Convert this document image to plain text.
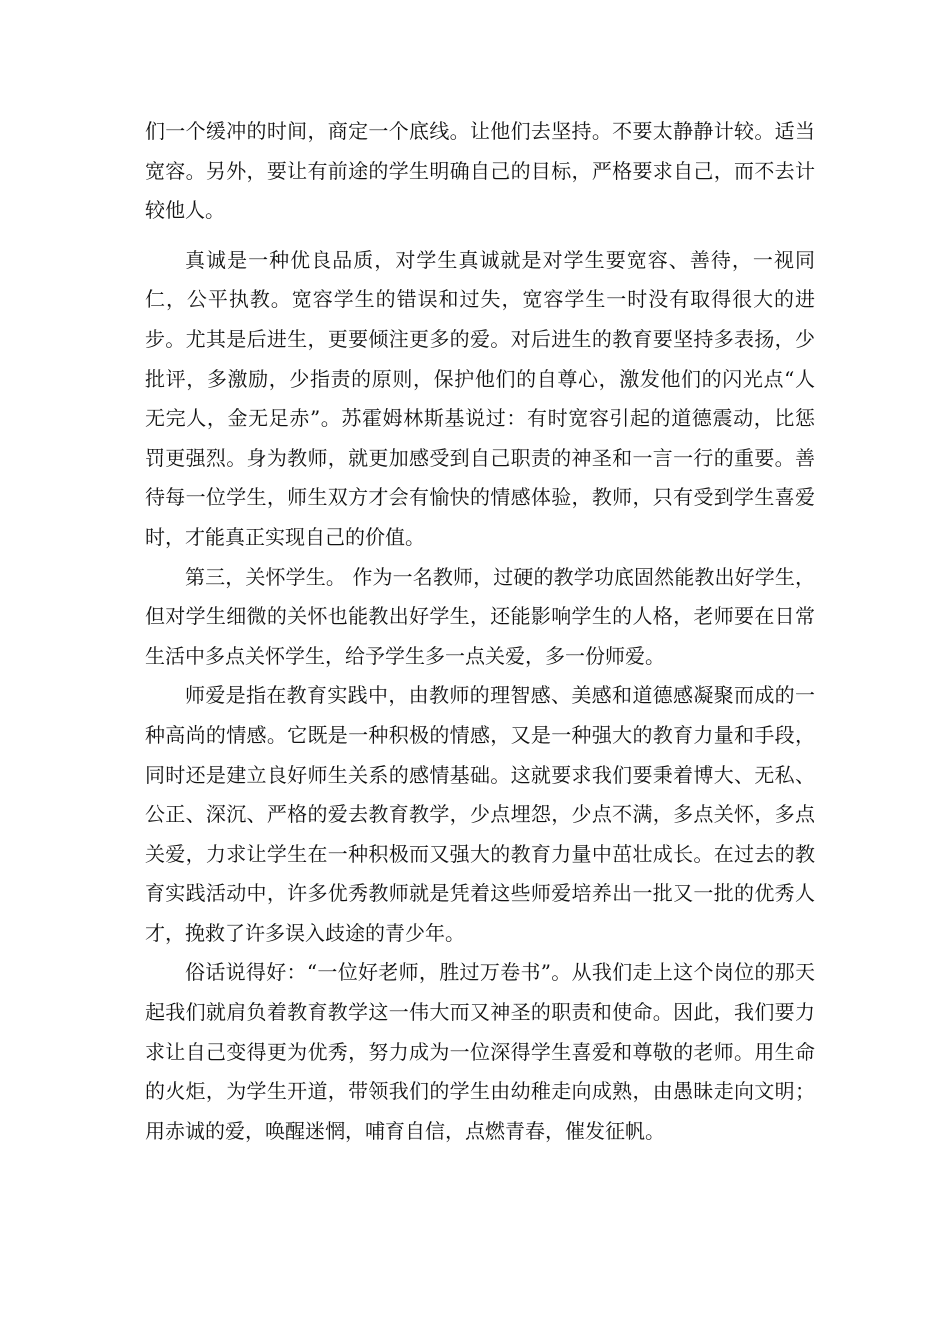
们一个缓冲的时间，商定一个底线。让他们去坚持。不要太静静计较。适当宽容。另外，要让有前途的学生明确自己的目标，严格要求自己，而不去计较他人。

真诚是一种优良品质，对学生真诚就是对学生要宽容、善待，一视同仁，公平执教。宽容学生的错误和过失，宽容学生一时没有取得很大的进步。尤其是后进生，更要倾注更多的爱。对后进生的教育要坚持多表扬，少批评，多激励，少指责的原则，保护他们的自尊心，激发他们的闪光点“人无完人，金无足赤”。苏霍姆林斯基说过：有时宽容引起的道德震动，比惩罚更强烈。身为教师，就更加感受到自己职责的神圣和一言一行的重要。善待每一位学生，师生双方才会有愉快的情感体验，教师，只有受到学生喜爱时，才能真正实现自己的价值。

第三，关怀学生。 作为一名教师，过硬的教学功底固然能教出好学生，但对学生细微的关怀也能教出好学生，还能影响学生的人格，老师要在日常生活中多点关怀学生，给予学生多一点关爱，多一份师爱。

师爱是指在教育实践中，由教师的理智感、美感和道德感凝聚而成的一种高尚的情感。它既是一种积极的情感，又是一种强大的教育力量和手段，同时还是建立良好师生关系的感情基础。这就要求我们要秉着博大、无私、公正、深沉、严格的爱去教育教学，少点埋怨，少点不满，多点关怀，多点关爱，力求让学生在一种积极而又强大的教育力量中茁壮成长。在过去的教育实践活动中，许多优秀教师就是凭着这些师爱培养出一批又一批的优秀人才，挽救了许多误入歧途的青少年。

俗话说得好：“一位好老师，胜过万卷书”。从我们走上这个岗位的那天起我们就肩负着教育教学这一伟大而又神圣的职责和使命。因此，我们要力求让自己变得更为优秀，努力成为一位深得学生喜爱和尊敬的老师。用生命的火炬，为学生开道，带领我们的学生由幼稚走向成熟，由愚昧走向文明；用赤诚的爱，唤醒迷惘，哺育自信，点燃青春，催发征帆。
